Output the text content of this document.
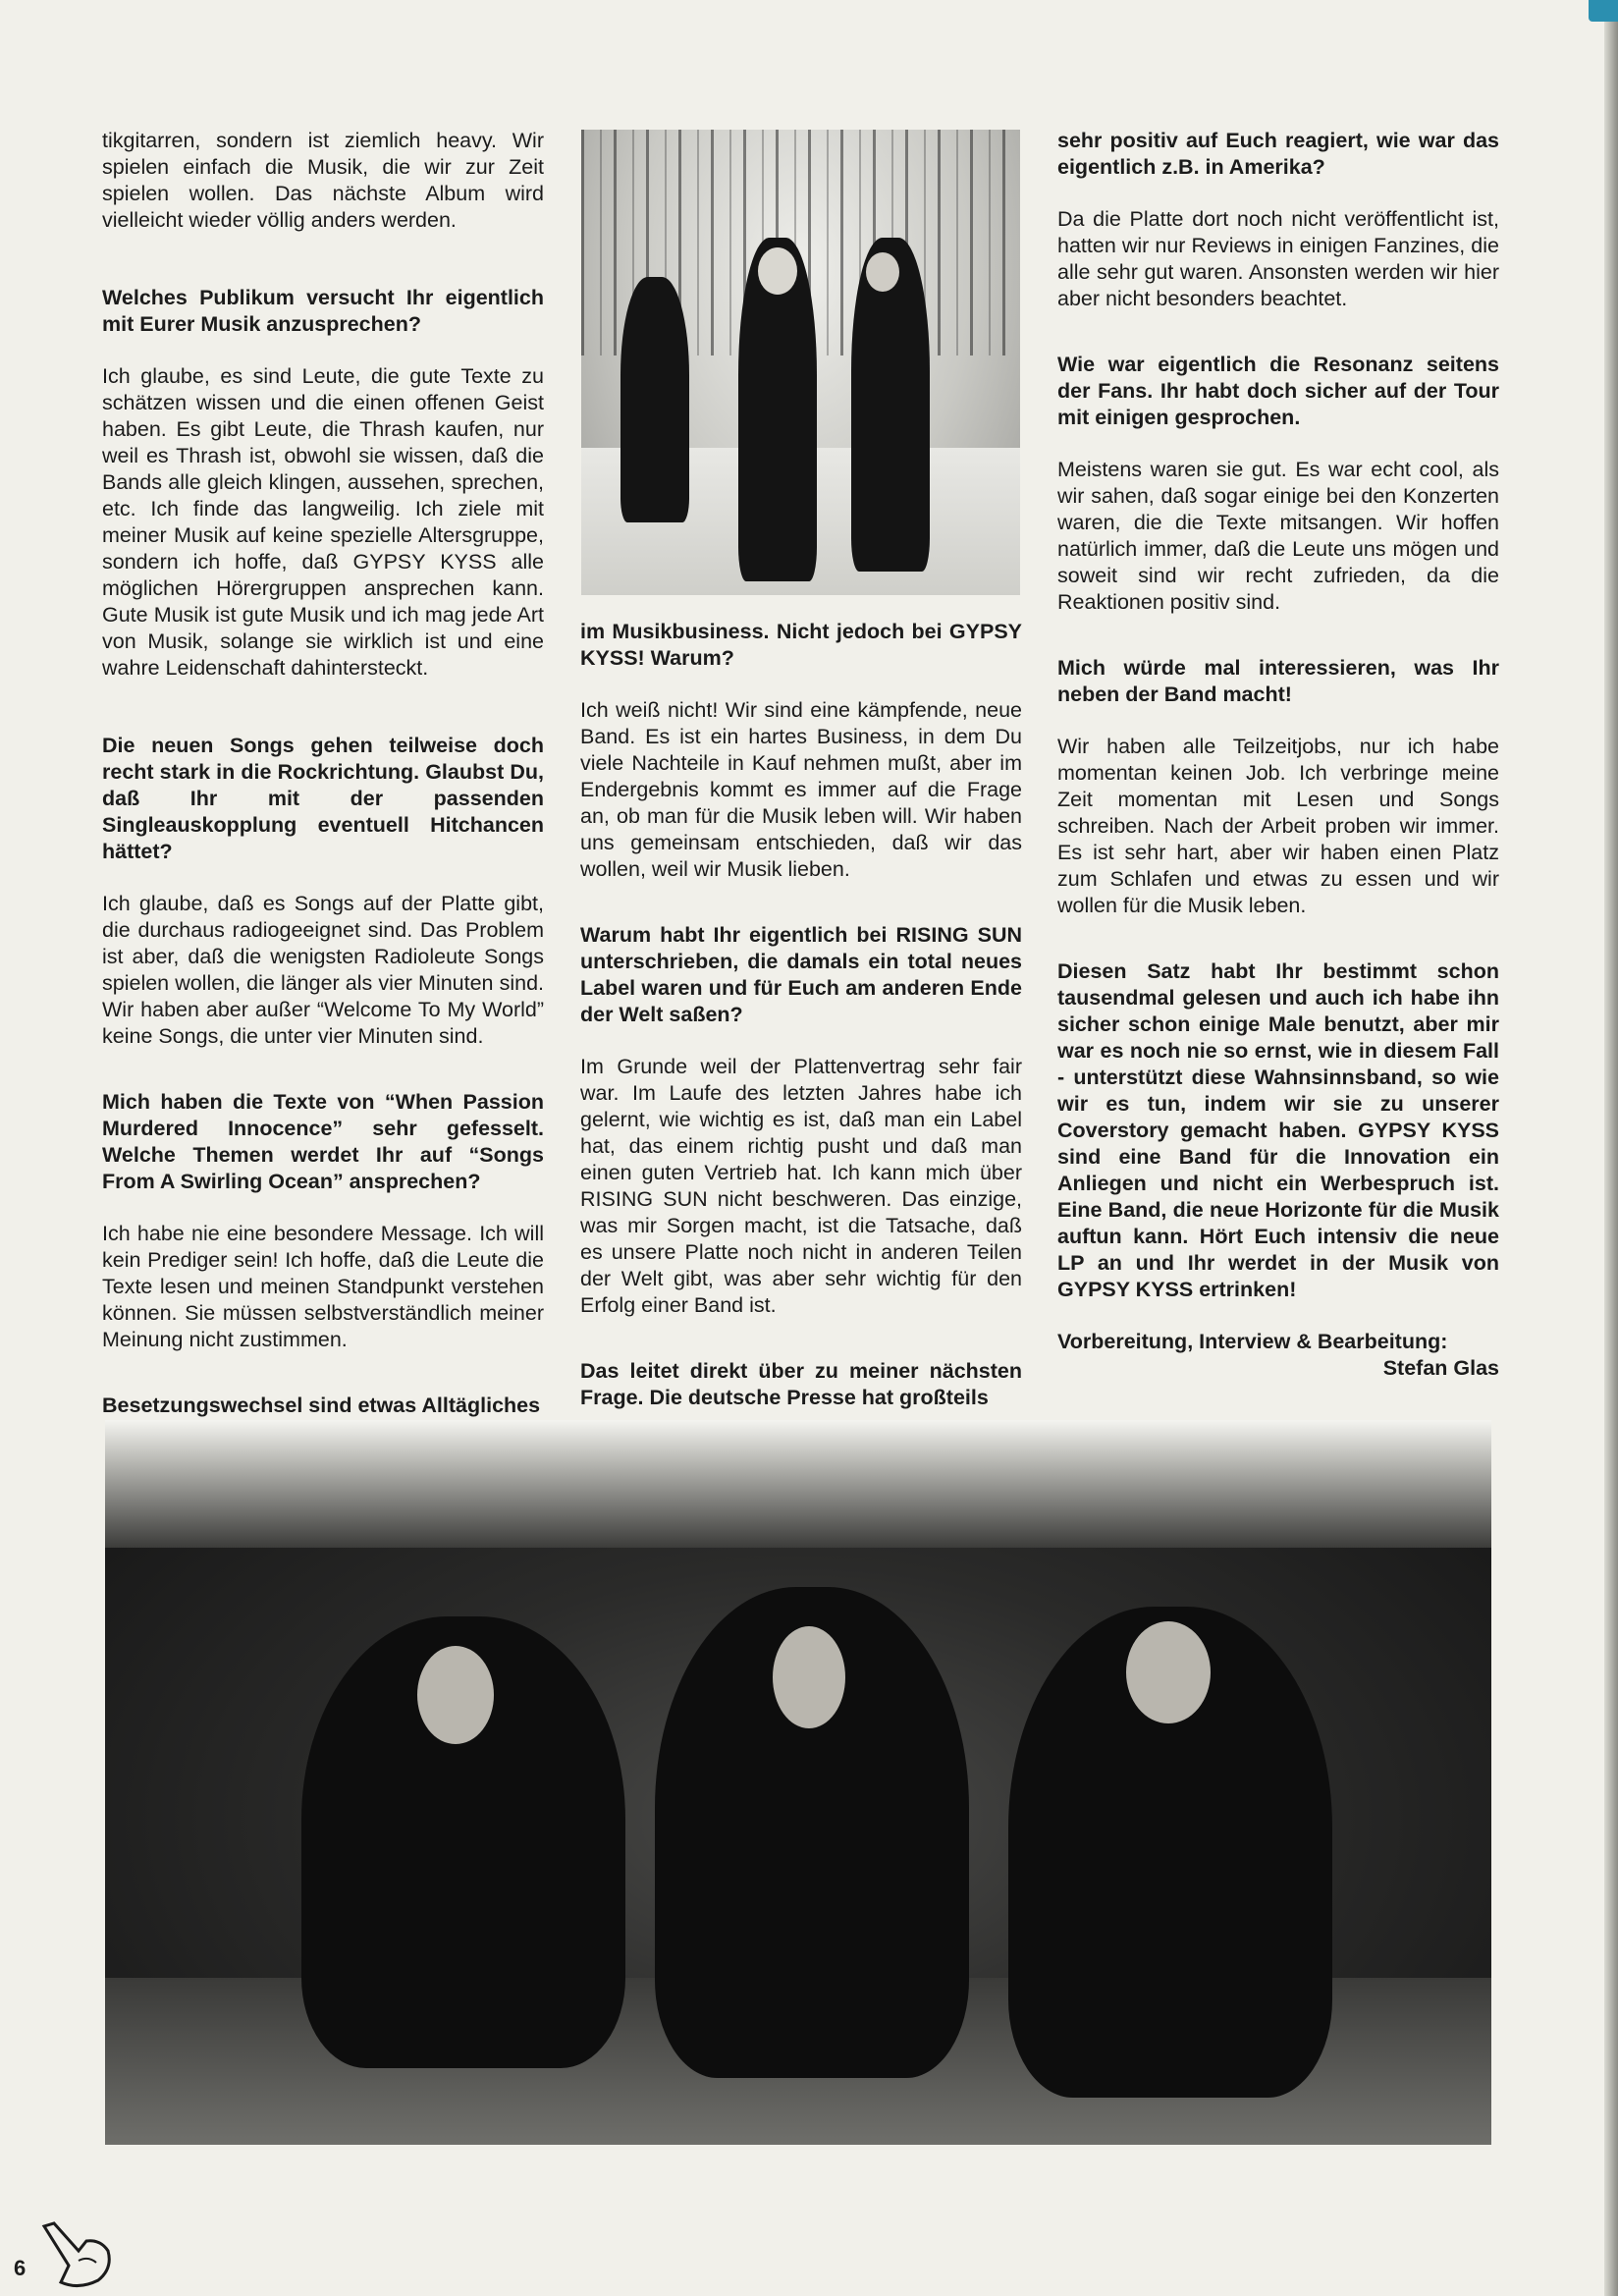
tikgitarren, sondern ist ziemlich heavy. Wir spielen einfach die Musik, die wir zur Zeit spielen wollen. Das nächste Album wird vielleicht wieder völlig anders werden.

Welches Publikum versucht Ihr eigentlich mit Eurer Musik anzusprechen?

Ich glaube, es sind Leute, die gute Texte zu schätzen wissen und die einen offenen Geist haben. Es gibt Leute, die Thrash kaufen, nur weil es Thrash ist, obwohl sie wissen, daß die Bands alle gleich klingen, aussehen, sprechen, etc. Ich finde das langweilig. Ich ziele mit meiner Musik auf keine spezielle Altersgruppe, sondern ich hoffe, daß GYPSY KYSS alle möglichen Hörergruppen ansprechen kann. Gute Musik ist gute Musik und ich mag jede Art von Musik, solange sie wirklich ist und eine wahre Leidenschaft dahintersteckt.

Die neuen Songs gehen teilweise doch recht stark in die Rockrichtung. Glaubst Du, daß Ihr mit der passenden Singleauskopplung eventuell Hitchancen hättet?

Ich glaube, daß es Songs auf der Platte gibt, die durchaus radiogeeignet sind. Das Problem ist aber, daß die wenigsten Radioleute Songs spielen wollen, die länger als vier Minuten sind. Wir haben aber außer “Welcome To My World” keine Songs, die unter vier Minuten sind.

Mich haben die Texte von “When Passion Murdered Innocence” sehr gefesselt. Welche Themen werdet Ihr auf “Songs From A Swirling Ocean” ansprechen?

Ich habe nie eine besondere Message. Ich will kein Prediger sein! Ich hoffe, daß die Leute die Texte lesen und meinen Standpunkt verstehen können. Sie müssen selbstverständlich meiner Meinung nicht zustimmen.

Besetzungswechsel sind etwas Alltägliches

im Musikbusiness. Nicht jedoch bei GYPSY KYSS! Warum?

Ich weiß nicht! Wir sind eine kämpfende, neue Band. Es ist ein hartes Business, in dem Du viele Nachteile in Kauf nehmen mußt, aber im Endergebnis kommt es immer auf die Frage an, ob man für die Musik leben will. Wir haben uns gemeinsam entschieden, daß wir das wollen, weil wir Musik lieben.

Warum habt Ihr eigentlich bei RISING SUN unterschrieben, die damals ein total neues Label waren und für Euch am anderen Ende der Welt saßen?

Im Grunde weil der Plattenvertrag sehr fair war. Im Laufe des letzten Jahres habe ich gelernt, wie wichtig es ist, daß man ein Label hat, das einem richtig pusht und daß man einen guten Vertrieb hat. Ich kann mich über RISING SUN nicht beschweren. Das einzige, was mir Sorgen macht, ist die Tatsache, daß es unsere Platte noch nicht in anderen Teilen der Welt gibt, was aber sehr wichtig für den Erfolg einer Band ist.

Das leitet direkt über zu meiner nächsten Frage. Die deutsche Presse hat großteils

sehr positiv auf Euch reagiert, wie war das eigentlich z.B. in Amerika?

Da die Platte dort noch nicht veröffentlicht ist, hatten wir nur Reviews in einigen Fanzines, die alle sehr gut waren. Ansonsten werden wir hier aber nicht besonders beachtet.

Wie war eigentlich die Resonanz seitens der Fans. Ihr habt doch sicher auf der Tour mit einigen gesprochen.

Meistens waren sie gut. Es war echt cool, als wir sahen, daß sogar einige bei den Konzerten waren, die die Texte mitsangen. Wir hoffen natürlich immer, daß die Leute uns mögen und soweit sind wir recht zufrieden, da die Reaktionen positiv sind.

Mich würde mal interessieren, was Ihr neben der Band macht!

Wir haben alle Teilzeitjobs, nur ich habe momentan keinen Job. Ich verbringe meine Zeit momentan mit Lesen und Songs schreiben. Nach der Arbeit proben wir immer. Es ist sehr hart, aber wir haben einen Platz zum Schlafen und etwas zu essen und wir wollen für die Musik leben.

Diesen Satz habt Ihr bestimmt schon tausendmal gelesen und auch ich habe ihn sicher schon einige Male benutzt, aber mir war es noch nie so ernst, wie in diesem Fall - unterstützt diese Wahnsinnsband, so wie wir es tun, indem wir sie zu unserer Coverstory gemacht haben. GYPSY KYSS sind eine Band für die Innovation ein Anliegen und nicht ein Werbespruch ist. Eine Band, die neue Horizonte für die Musik auftun kann. Hört Euch intensiv die neue LP an und Ihr werdet in der Musik von GYPSY KYSS ertrinken!

Vorbereitung, Interview & Bearbeitung:

Stefan Glas

6
